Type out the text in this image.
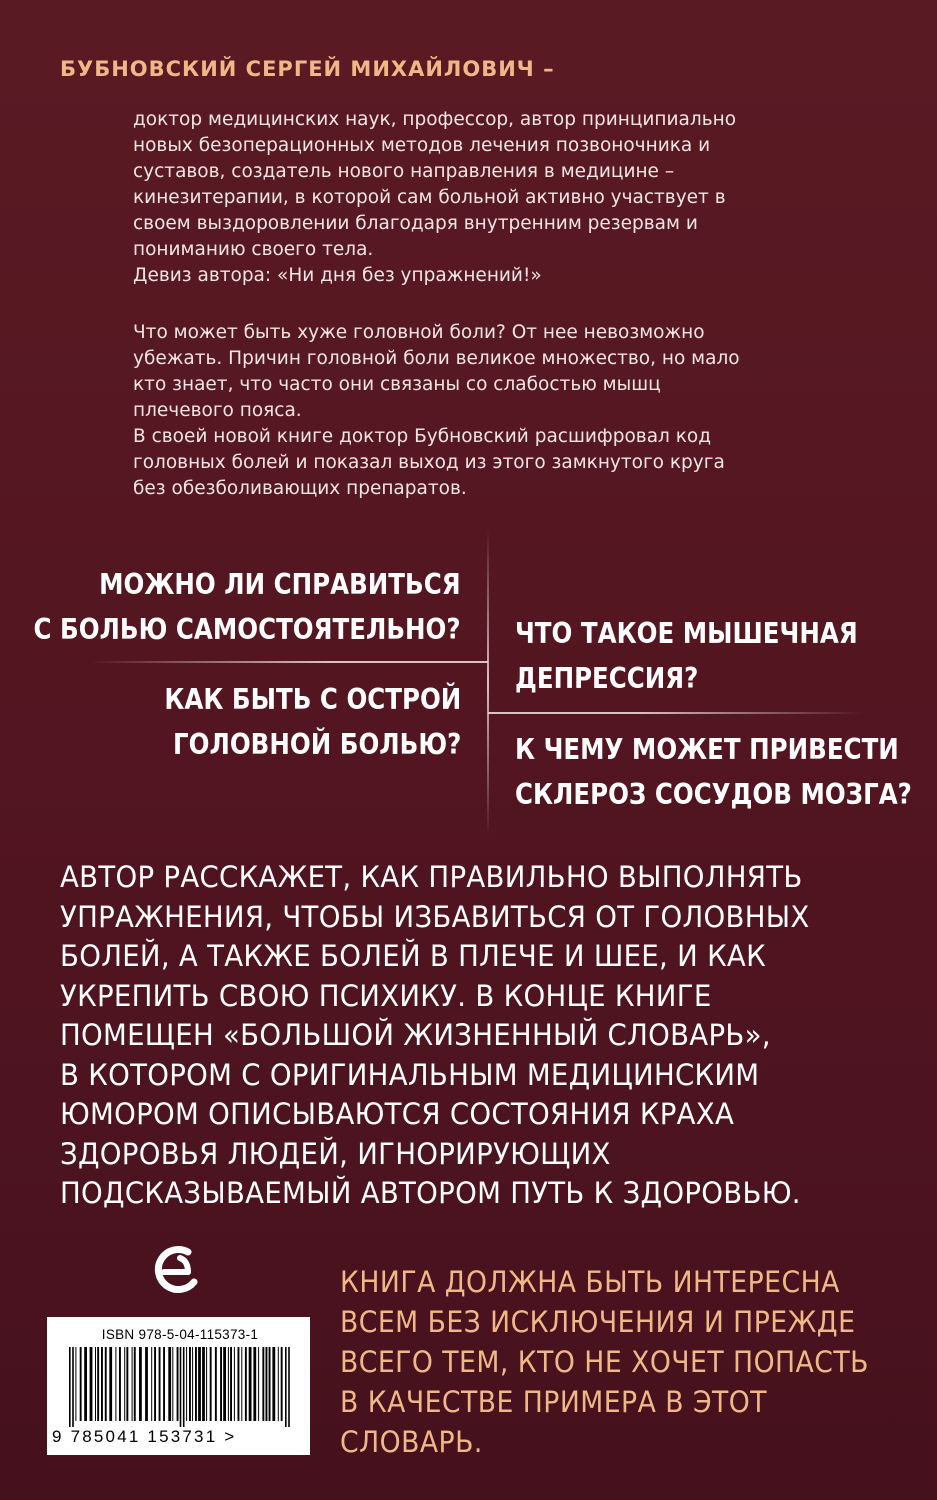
БУБНОВСКИЙ СЕРГЕЙ МИХАЙЛОВИЧ –

доктор медицинских наук, профессор, автор принципиально

новых безоперационных методов лечения позвоночника и

суставов, создатель нового направления в медицине –

кинезитерапии, в которой сам больной активно участвует в

своем выздоровлении благодаря внутренним резервам и

пониманию своего тела.

Девиз автора: «Ни дня без упражнений!»

Что может быть хуже головной боли? От нее невозможно

убежать. Причин головной боли великое множество, но мало

кто знает, что часто они связаны со слабостью мышц

плечевого пояса.

В своей новой книге доктор Бубновский расшифровал код

головных болей и показал выход из этого замкнутого круга

без обезболивающих препаратов.

МОЖНО ЛИ СПРАВИТЬСЯ
С БОЛЬЮ САМОСТОЯТЕЛЬНО?
КАК БЫТЬ С ОСТРОЙ
ГОЛОВНОЙ БОЛЬЮ?
ЧТО ТАКОЕ МЫШЕЧНАЯ
ДЕПРЕССИЯ?
К ЧЕМУ МОЖЕТ ПРИВЕСТИ
СКЛЕРОЗ СОСУДОВ МОЗГА?
АВТОР РАССКАЖЕТ, КАК ПРАВИЛЬНО ВЫПОЛНЯТЬ
УПРАЖНЕНИЯ, ЧТОБЫ ИЗБАВИТЬСЯ ОТ ГОЛОВНЫХ
БОЛЕЙ, А ТАКЖЕ БОЛЕЙ В ПЛЕЧЕ И ШЕЕ, И КАК
УКРЕПИТЬ СВОЮ ПСИХИКУ. В КОНЦЕ КНИГЕ
ПОМЕЩЕН «БОЛЬШОЙ ЖИЗНЕННЫЙ СЛОВАРЬ»,
В КОТОРОМ С ОРИГИНАЛЬНЫМ МЕДИЦИНСКИМ
ЮМОРОМ ОПИСЫВАЮТСЯ СОСТОЯНИЯ КРАХА
ЗДОРОВЬЯ ЛЮДЕЙ, ИГНОРИРУЮЩИХ
ПОДСКАЗЫВАЕМЫЙ АВТОРОМ ПУТЬ К ЗДОРОВЬЮ.
КНИГА ДОЛЖНА БЫТЬ ИНТЕРЕСНА
ВСЕМ БЕЗ ИСКЛЮЧЕНИЯ И ПРЕЖДЕ
ВСЕГО ТЕМ, КТО НЕ ХОЧЕТ ПОПАСТЬ
В КАЧЕСТВЕ ПРИМЕРА В ЭТОТ
СЛОВАРЬ.
ISBN 978-5-04-115373-1
9 785041 153731 >
